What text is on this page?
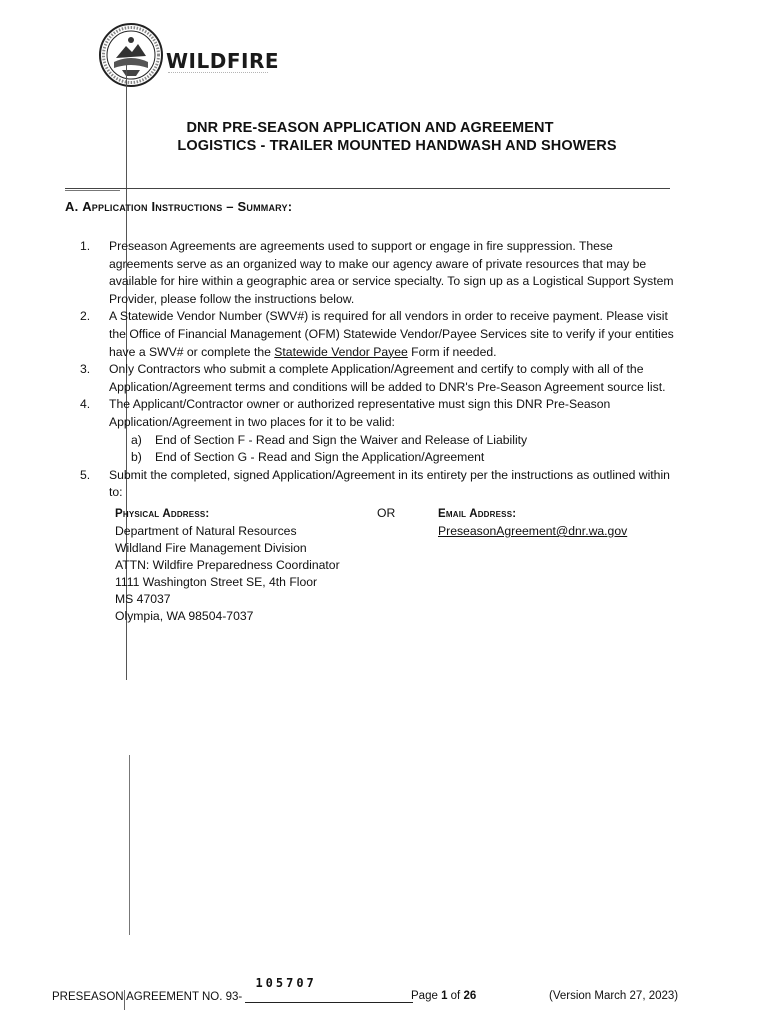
WILDFIRE
DNR PRE-SEASON APPLICATION AND AGREEMENT
LOGISTICS - TRAILER MOUNTED HANDWASH AND SHOWERS
A. Application Instructions – Summary:
1.	Preseason Agreements are agreements used to support or engage in fire suppression. These agreements serve as an organized way to make our agency aware of private resources that may be available for hire within a geographic area or service specialty. To sign up as a Logistical Support System Provider, please follow the instructions below.
2.	A Statewide Vendor Number (SWV#) is required for all vendors in order to receive payment. Please visit the Office of Financial Management (OFM) Statewide Vendor/Payee Services site to verify if your entities have a SWV# or complete the Statewide Vendor Payee Form if needed.
3.	Only Contractors who submit a complete Application/Agreement and certify to comply with all of the Application/Agreement terms and conditions will be added to DNR's Pre-Season Agreement source list.
4.	The Applicant/Contractor owner or authorized representative must sign this DNR Pre-Season Application/Agreement in two places for it to be valid:
a)	End of Section F - Read and Sign the Waiver and Release of Liability
b)	End of Section G - Read and Sign the Application/Agreement
5.	Submit the completed, signed Application/Agreement in its entirety per the instructions as outlined within to:
Physical Address:
Department of Natural Resources
Wildland Fire Management Division
ATTN: Wildfire Preparedness Coordinator
1111 Washington Street SE, 4th Floor
MS 47037
Olympia, WA 98504-7037
OR	Email Address:
PreseasonAgreement@dnr.wa.gov
PRESEASON AGREEMENT NO. 93-
105707
Page 1 of 26	(Version March 27, 2023)
